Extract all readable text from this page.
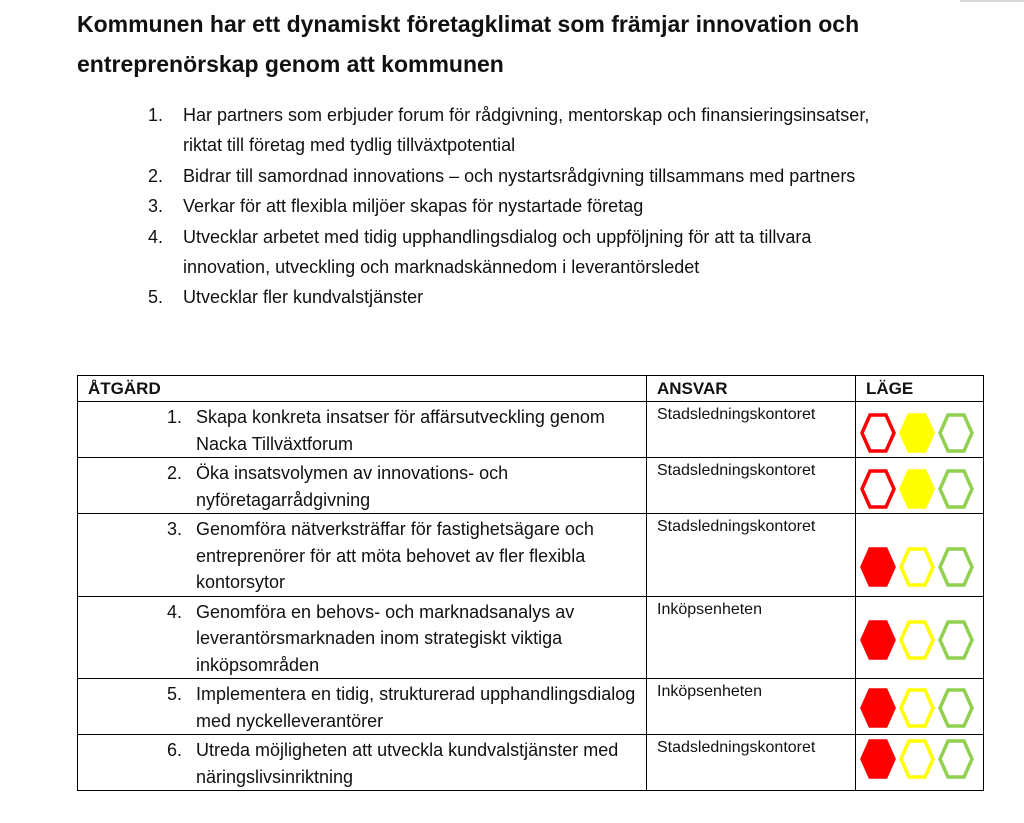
Kommunen har ett dynamiskt företagklimat som främjar innovation och entreprenörskap genom att kommunen
1.	Har partners som erbjuder forum för rådgivning, mentorskap och finansieringsinsatser, riktat till företag med tydlig tillväxtpotential
2.	Bidrar till samordnad innovations – och nystartsrådgivning tillsammans med partners
3.	Verkar för att flexibla miljöer skapas för nystartade företag
4.	Utvecklar arbetet med tidig upphandlingsdialog och uppföljning för att ta tillvara innovation, utveckling och marknadskännedom i leverantörsledet
5.	Utvecklar fler kundvalstjänster
ÅTGÄRD	ANSVAR	LÄGE

1. Skapa konkreta insatser för affärsutveckling genom Nacka Tillväxtforum	Stadsledningskontoret

2. Öka insatsvolymen av innovations- och nyföretagarrådgivning	Stadsledningskontoret

3. Genomföra nätverksträffar för fastighetsägare och entreprenörer för att möta behovet av fler flexibla kontorsytor	Stadsledningskontoret

4. Genomföra en behovs- och marknadsanalys av leverantörsmarknaden inom strategiskt viktiga inköpsområden	Inköpsenheten

5. Implementera en tidig, strukturerad upphandlingsdialog med nyckelleverantörer	Inköpsenheten

6. Utreda möjligheten att utveckla kundvalstjänster med näringslivsinriktning	Stadsledningskontoret
